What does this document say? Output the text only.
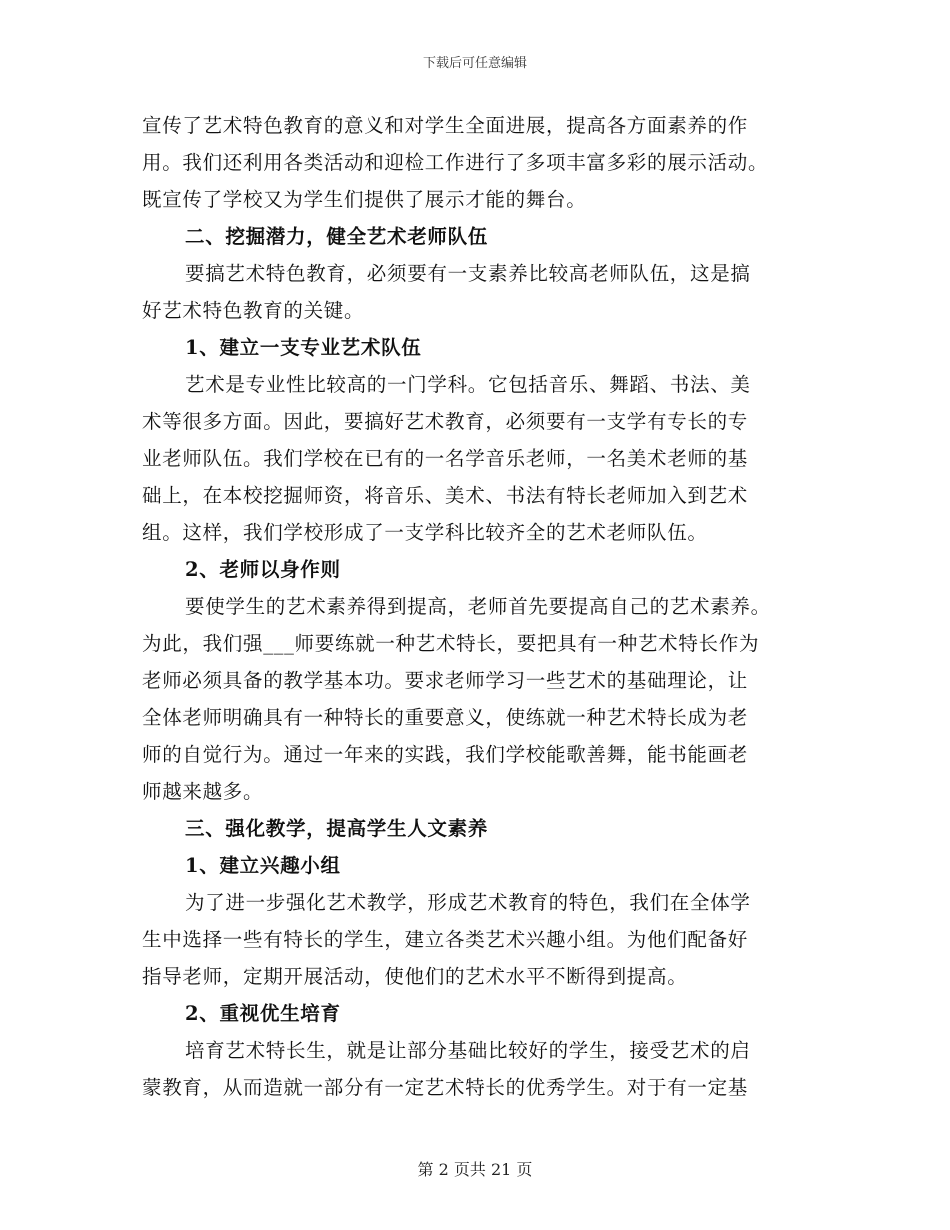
下载后可任意编辑
宣传了艺术特色教育的意义和对学生全面进展，提高各方面素养的作
用。我们还利用各类活动和迎检工作进行了多项丰富多彩的展示活动。
既宣传了学校又为学生们提供了展示才能的舞台。
二、挖掘潜力，健全艺术老师队伍
要搞艺术特色教育，必须要有一支素养比较高老师队伍，这是搞
好艺术特色教育的关键。
1、建立一支专业艺术队伍
艺术是专业性比较高的一门学科。它包括音乐、舞蹈、书法、美
术等很多方面。因此，要搞好艺术教育，必须要有一支学有专长的专
业老师队伍。我们学校在已有的一名学音乐老师，一名美术老师的基
础上，在本校挖掘师资，将音乐、美术、书法有特长老师加入到艺术
组。这样，我们学校形成了一支学科比较齐全的艺术老师队伍。
2、老师以身作则
要使学生的艺术素养得到提高，老师首先要提高自己的艺术素养。
为此，我们强___师要练就一种艺术特长，要把具有一种艺术特长作为
老师必须具备的教学基本功。要求老师学习一些艺术的基础理论，让
全体老师明确具有一种特长的重要意义，使练就一种艺术特长成为老
师的自觉行为。通过一年来的实践，我们学校能歌善舞，能书能画老
师越来越多。
三、强化教学，提高学生人文素养
1、建立兴趣小组
为了进一步强化艺术教学，形成艺术教育的特色，我们在全体学
生中选择一些有特长的学生，建立各类艺术兴趣小组。为他们配备好
指导老师，定期开展活动，使他们的艺术水平不断得到提高。
2、重视优生培育
培育艺术特长生，就是让部分基础比较好的学生，接受艺术的启
蒙教育，从而造就一部分有一定艺术特长的优秀学生。对于有一定基
第 2 页共 21 页
